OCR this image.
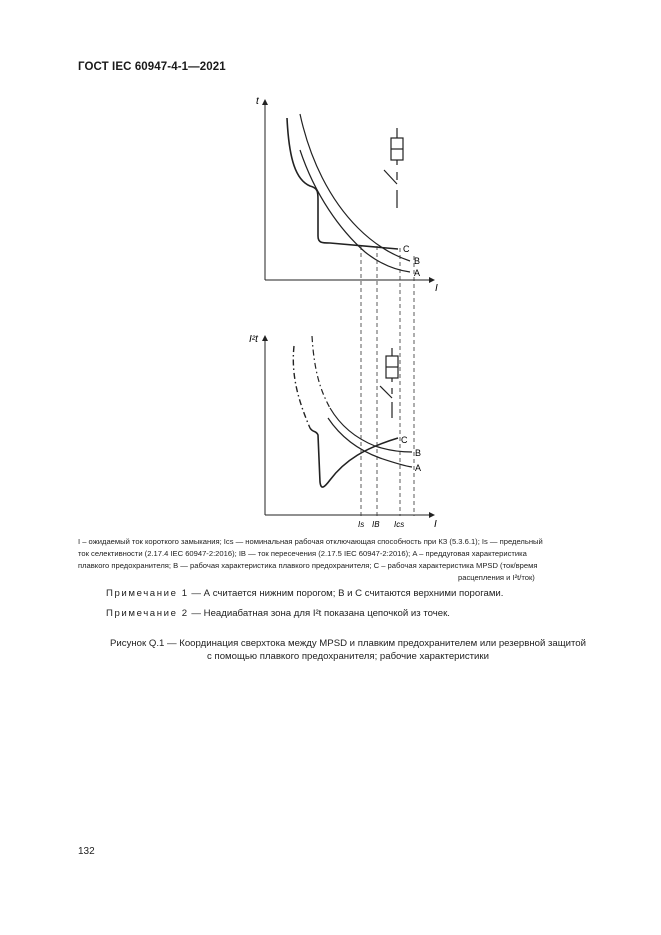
ГОСТ IEC 60947-4-1—2021
t
I
C
B
A
I²t
I
C
B
A
Is IB Ics
I – ожидаемый ток короткого замыкания; Ics — номинальная рабочая отключающая способность при КЗ (5.3.6.1); Is — предельный
ток селективности (2.17.4 IEC 60947-2:2016); IB — ток пересечения (2.17.5 IEC 60947-2:2016); A – преддуговая характеристика
плавкого предохранителя; B — рабочая характеристика плавкого предохранителя; C – рабочая характеристика MPSD (ток/время
расцепления и I²t/ток)
Примечание 1 — А считается нижним порогом; В и С считаются верхними порогами.
Примечание 2 — Неадиабатная зона для I²t показана цепочкой из точек.
Рисунок Q.1 — Координация сверхтока между MPSD и плавким предохранителем или резервной защитой
с помощью плавкого предохранителя; рабочие характеристики
132
